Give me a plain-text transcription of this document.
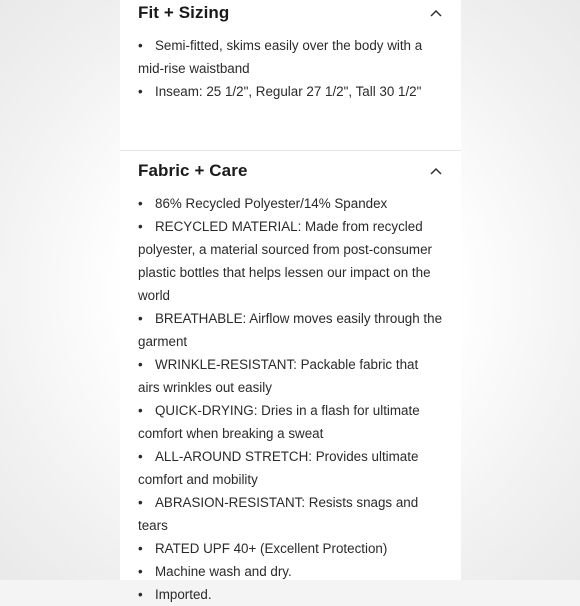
Fit + Sizing
• Semi-fitted, skims easily over the body with a mid-rise waistband
• Inseam: 25 1/2", Regular 27 1/2", Tall 30 1/2"
Fabric + Care
• 86% Recycled Polyester/14% Spandex
• RECYCLED MATERIAL: Made from recycled polyester, a material sourced from post-consumer plastic bottles that helps lessen our impact on the world
• BREATHABLE: Airflow moves easily through the garment
• WRINKLE-RESISTANT: Packable fabric that airs wrinkles out easily
• QUICK-DRYING: Dries in a flash for ultimate comfort when breaking a sweat
• ALL-AROUND STRETCH: Provides ultimate comfort and mobility
• ABRASION-RESISTANT: Resists snags and tears
• RATED UPF 40+ (Excellent Protection)
• Machine wash and dry.
• Imported.
